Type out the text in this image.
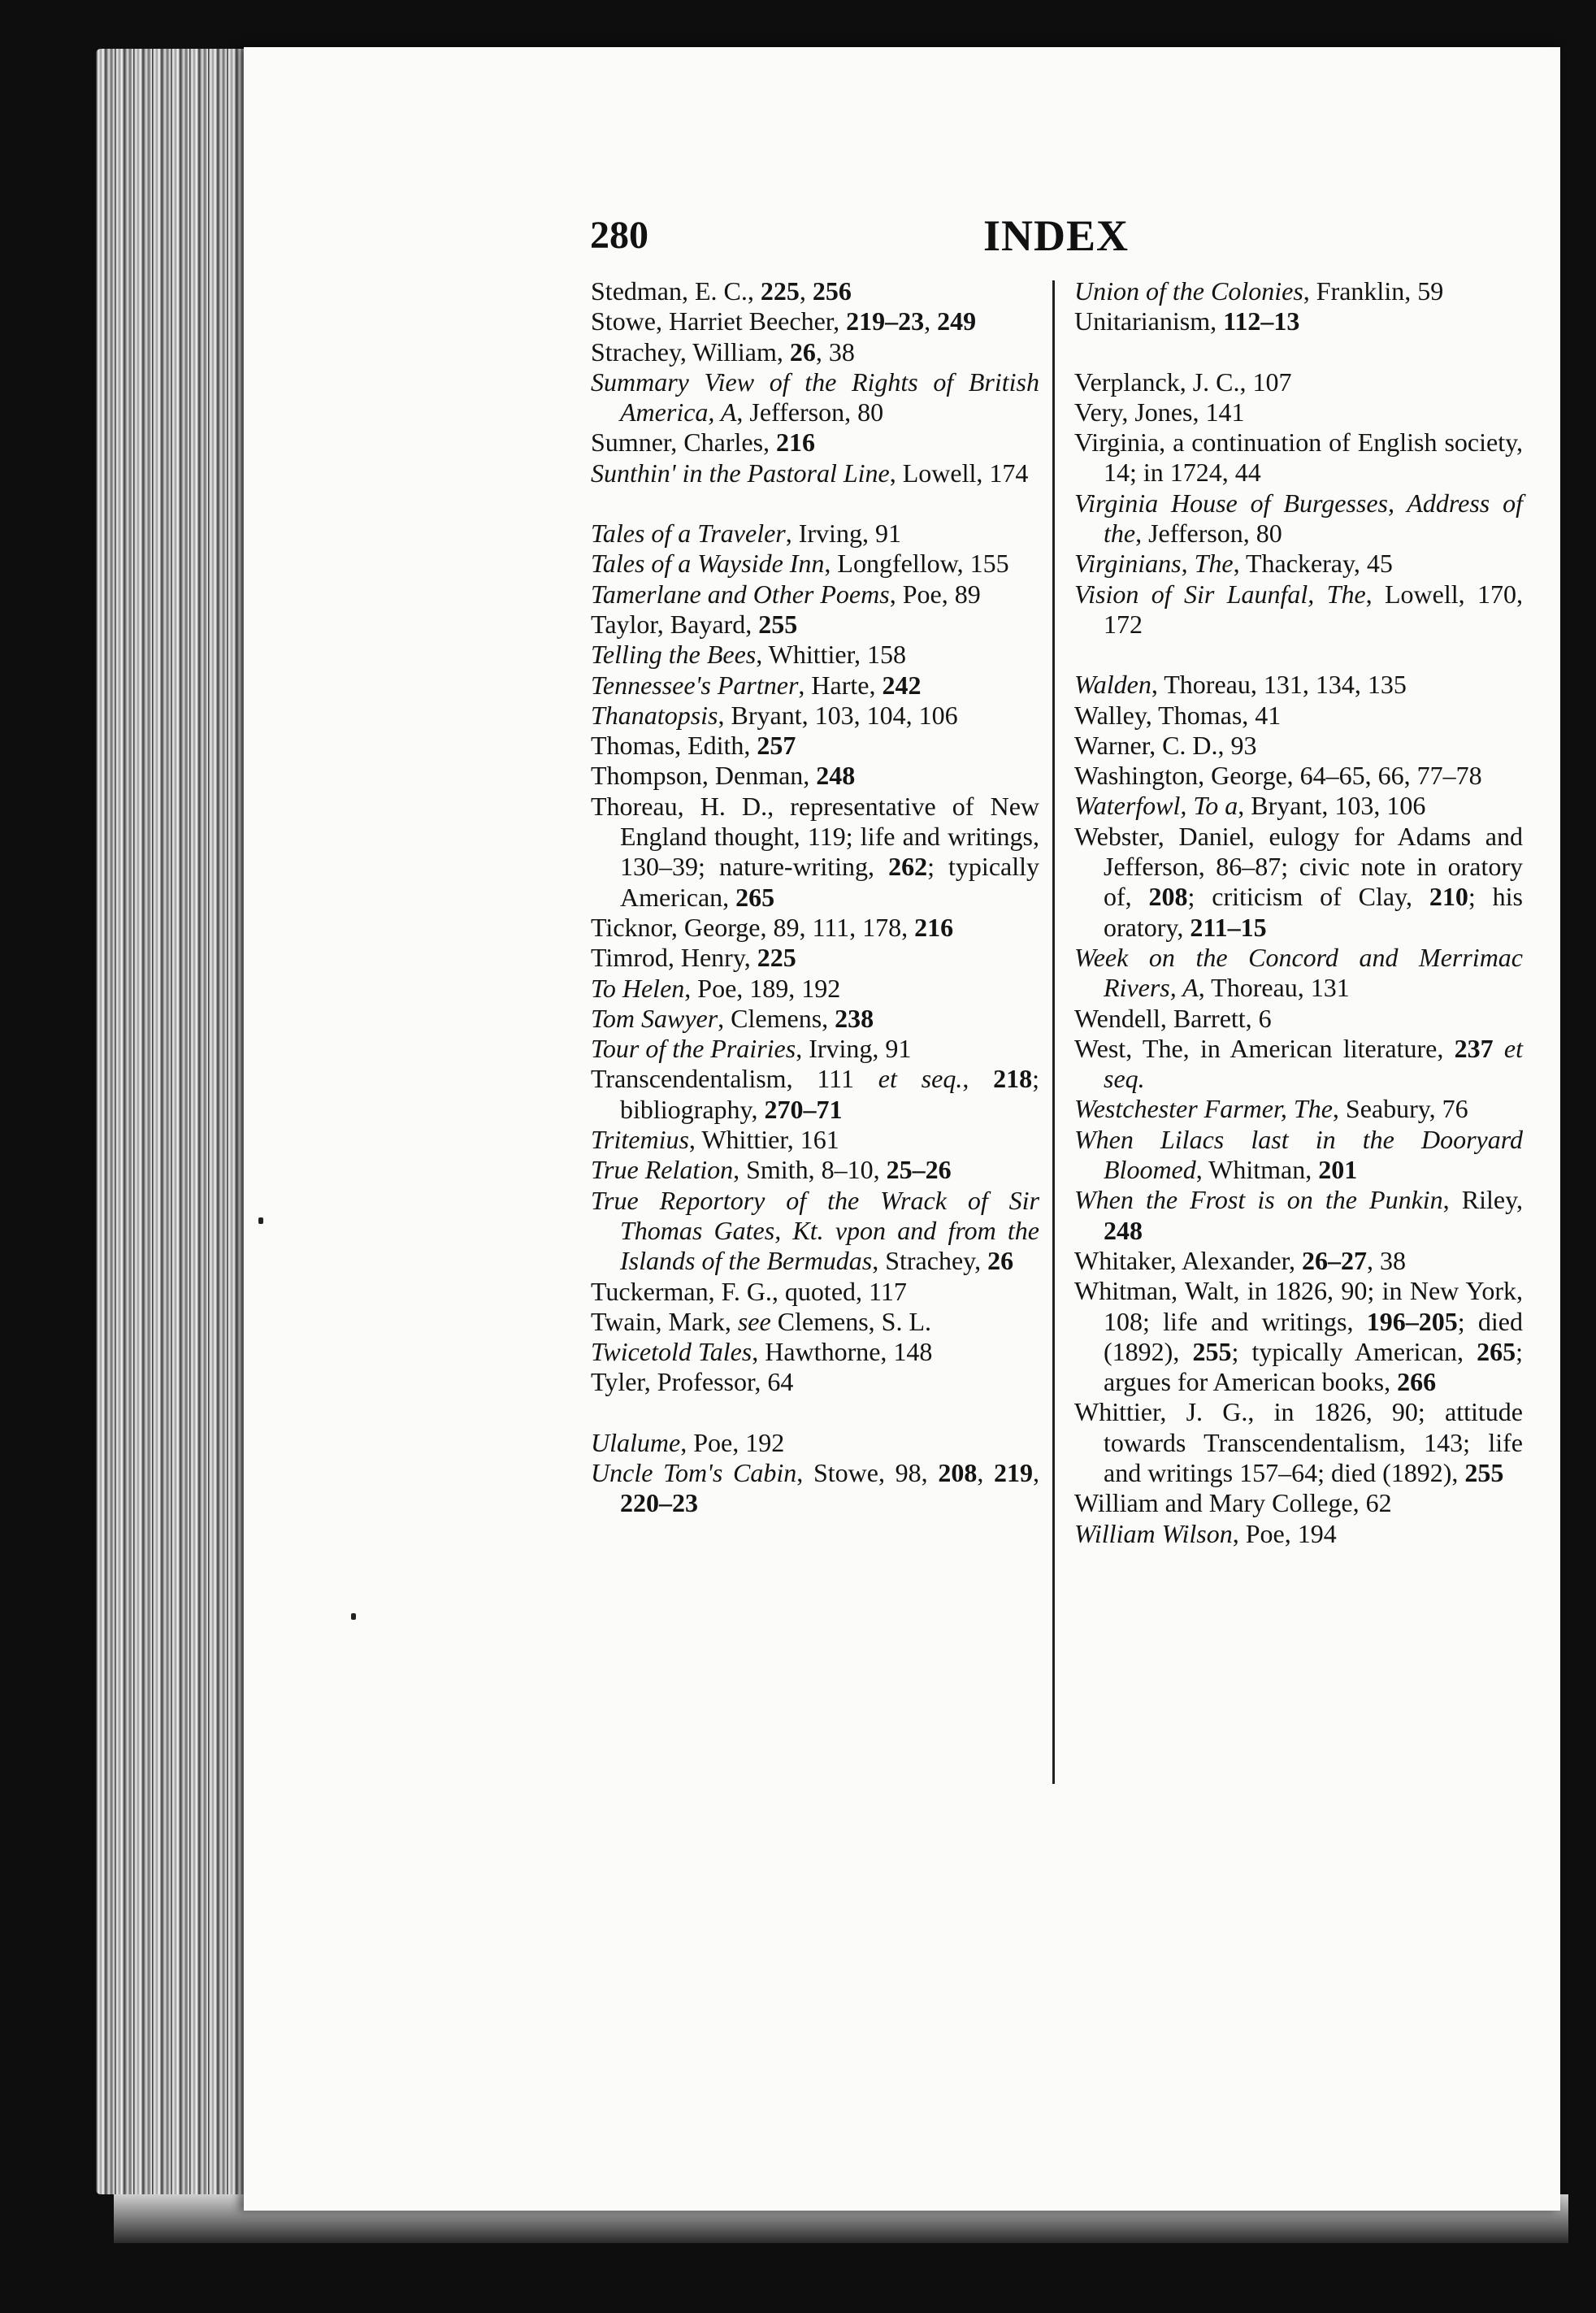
280	INDEX

Stedman, E. C., 225, 256

Stowe, Harriet Beecher, 219–23, 249

Strachey, William, 26, 38

Summary View of the Rights of British America, A, Jefferson, 80

Sumner, Charles, 216

Sunthin' in the Pastoral Line, Lowell, 174

Tales of a Traveler, Irving, 91

Tales of a Wayside Inn, Longfellow, 155

Tamerlane and Other Poems, Poe, 89

Taylor, Bayard, 255

Telling the Bees, Whittier, 158

Tennessee's Partner, Harte, 242

Thanatopsis, Bryant, 103, 104, 106

Thomas, Edith, 257

Thompson, Denman, 248

Thoreau, H. D., representative of New England thought, 119; life and writings, 130–39; nature-writing, 262; typically American, 265

Ticknor, George, 89, 111, 178, 216

Timrod, Henry, 225

To Helen, Poe, 189, 192

Tom Sawyer, Clemens, 238

Tour of the Prairies, Irving, 91

Transcendentalism, 111 et seq., 218; bibliography, 270–71

Tritemius, Whittier, 161

True Relation, Smith, 8–10, 25–26

True Reportory of the Wrack of Sir Thomas Gates, Kt. vpon and from the Islands of the Bermudas, Strachey, 26

Tuckerman, F. G., quoted, 117

Twain, Mark, see Clemens, S. L.

Twicetold Tales, Hawthorne, 148

Tyler, Professor, 64

Ulalume, Poe, 192

Uncle Tom's Cabin, Stowe, 98, 208, 219, 220–23

Union of the Colonies, Franklin, 59

Unitarianism, 112–13

Verplanck, J. C., 107

Very, Jones, 141

Virginia, a continuation of English society, 14; in 1724, 44

Virginia House of Burgesses, Address of the, Jefferson, 80

Virginians, The, Thackeray, 45

Vision of Sir Launfal, The, Lowell, 170, 172

Walden, Thoreau, 131, 134, 135

Walley, Thomas, 41

Warner, C. D., 93

Washington, George, 64–65, 66, 77–78

Waterfowl, To a, Bryant, 103, 106

Webster, Daniel, eulogy for Adams and Jefferson, 86–87; civic note in oratory of, 208; criticism of Clay, 210; his oratory, 211–15

Week on the Concord and Merrimac Rivers, A, Thoreau, 131

Wendell, Barrett, 6

West, The, in American literature, 237 et seq.

Westchester Farmer, The, Seabury, 76

When Lilacs last in the Dooryard Bloomed, Whitman, 201

When the Frost is on the Punkin, Riley, 248

Whitaker, Alexander, 26–27, 38

Whitman, Walt, in 1826, 90; in New York, 108; life and writings, 196–205; died (1892), 255; typically American, 265; argues for American books, 266

Whittier, J. G., in 1826, 90; attitude towards Transcendentalism, 143; life and writings 157–64; died (1892), 255

William and Mary College, 62

William Wilson, Poe, 194
